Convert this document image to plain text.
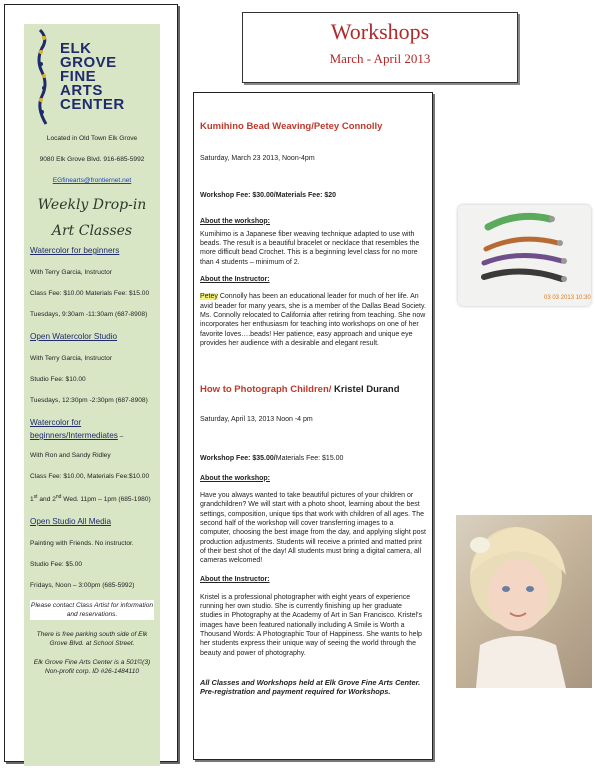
ELK
GROVE
FINE
ARTS
CENTER

Located in Old Town Elk Grove

9080 Elk Grove Blvd. 916-685-5992

EGfinearts@frontiernet.net

Weekly Drop-in
Art Classes
Watercolor for beginners

With Terry Garcia, Instructor

Class Fee: $10.00 Materials Fee: $15.00

Tuesdays, 9:30am -11:30am (687-8908)

Open Watercolor Studio

With Terry Garcia, Instructor

Studio Fee: $10.00

Tuesdays, 12:30pm -2:30pm (687-8908)

Watercolor for beginners/Intermediates –

With Ron and Sandy Ridley

Class Fee: $10.00, Materials Fee:$10.00

1st and 2nd Wed. 11pm – 1pm (685-1980)

Open Studio All Media

Painting with Friends. No instructor.

Studio Fee: $5.00

Fridays, Noon – 3:00pm (685-5992)

Please contact Class Artist for information and reservations.

There is free parking south side of Elk Grove Blvd. at School Street.

Elk Grove Fine Arts Center is a 501©(3) Non-profit corp. ID #26-1484110

Workshops
March - April 2013
Kumihino Bead Weaving/Petey Connolly

Saturday, March 23 2013, Noon-4pm

Workshop Fee: $30.00/Materials Fee: $20

About the workshop:

Kumihimo is a Japanese fiber weaving technique adapted to use with beads. The result is a beautiful bracelet or necklace that resembles the more difficult bead Crochet. This is a beginning level class for no more than 4 students – minimum of 2.

About the Instructor:

Petey Connolly has been an educational leader for much of her life. An avid beader for many years, she is a member of the Dallas Bead Society. Ms. Connolly relocated to California after retiring from teaching. She now incorporates her enthusiasm for teaching into workshops on one of her favorite loves….beads! Her patience, easy approach and unique eye provides her audience with a desirable and elegant result.

How to Photograph Children/ Kristel Durand

Saturday, April 13, 2013 Noon -4 pm

Workshop Fee: $35.00/Materials Fee: $15.00

About the workshop:

Have you always wanted to take beautiful pictures of your children or grandchildren? We will start with a photo shoot, learning about the best settings, composition, unique tips that work with children of all ages. The second half of the workshop will cover transferring images to a computer, choosing the best image from the day, and applying slight post production adjustments. Students will receive a printed and matted print of their best shot of the day! All students must bring a digital camera, all cameras welcomed!

About the Instructor:

Kristel is a professional photographer with eight years of experience running her own studio. She is currently finishing up her graduate studies in Photography at the Academy of Art in San Francisco. Kristel's images have been featured nationally including A Smile is Worth a Thousand Words: A Photographic Tour of Happiness. She wants to help her students express their unique way of seeing the world through the beauty and power of photography.

All Classes and Workshops held at Elk Grove Fine Arts Center. Pre-registration and payment required for Workshops.

03 03 2013 10:30
